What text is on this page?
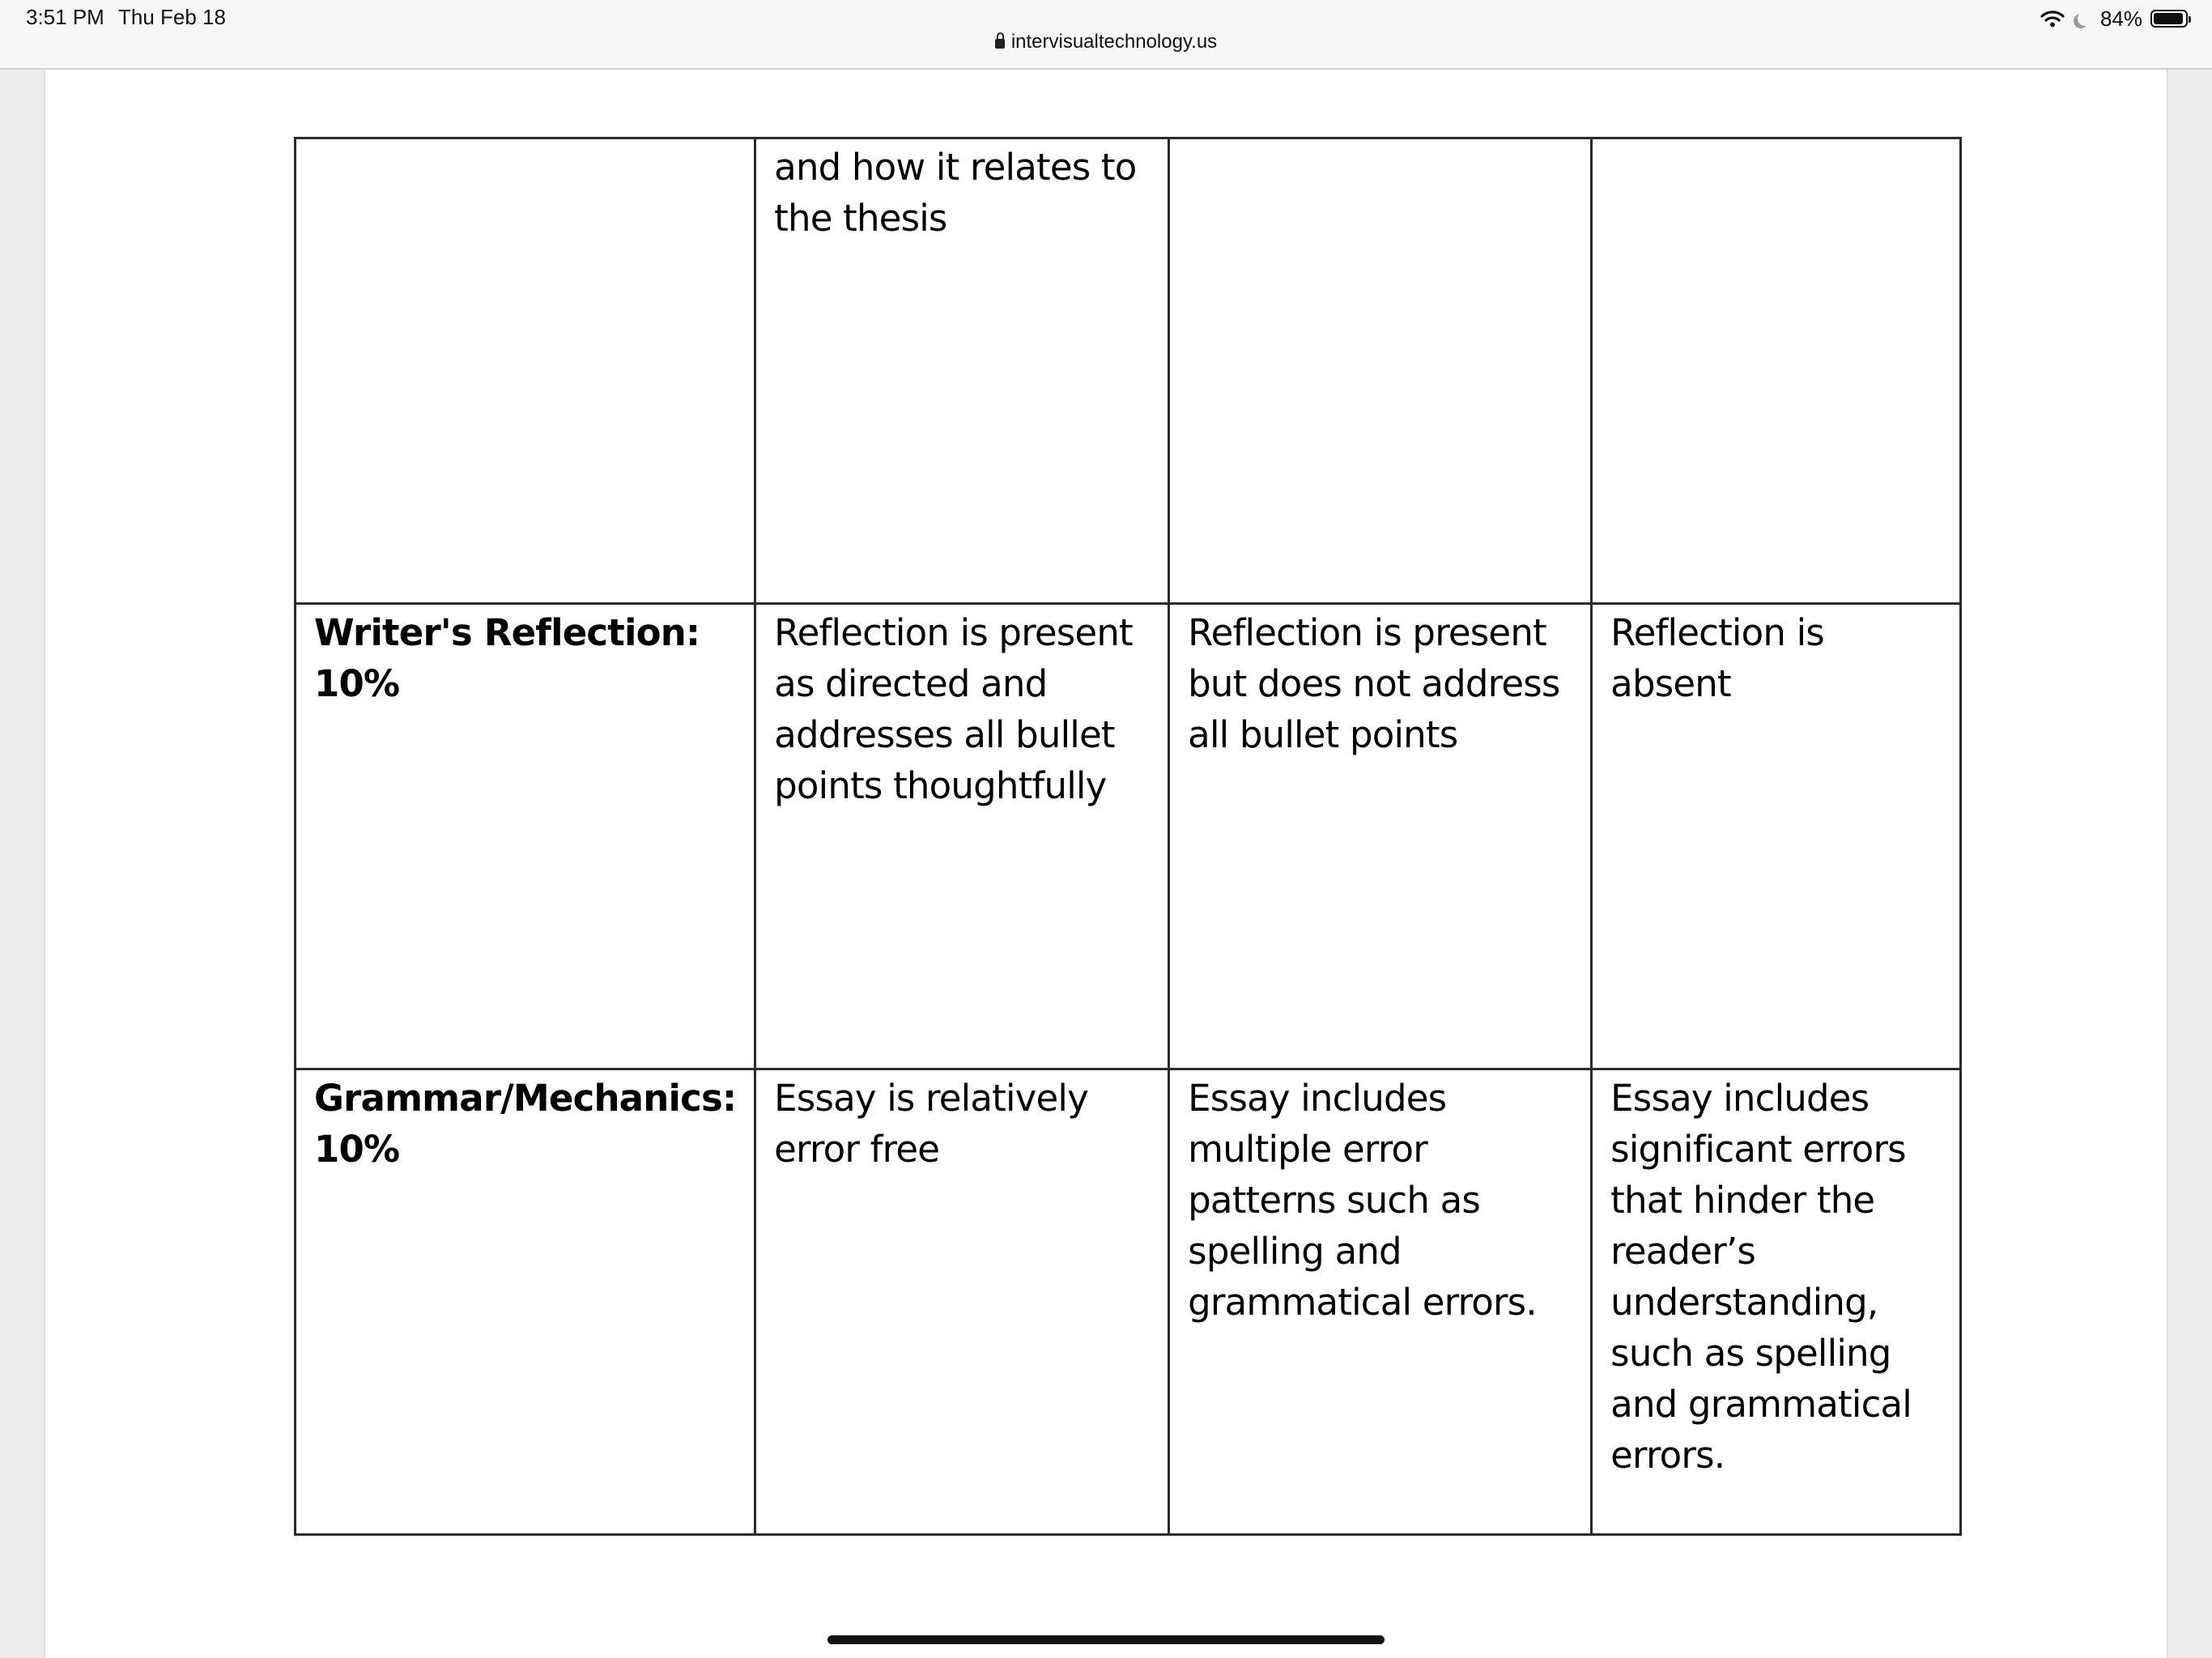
3:51 PM Thu Feb 18
intervisualtechnology.us
84%
	and how it relates to the thesis		
Writer's Reflection: 10%	Reflection is present as directed and addresses all bullet points thoughtfully	Reflection is present but does not address all bullet points	Reflection is absent
Grammar/Mechanics: 10%	Essay is relatively error free	Essay includes multiple error patterns such as spelling and grammatical errors.	Essay includes significant errors that hinder the reader’s understanding, such as spelling and grammatical errors.
